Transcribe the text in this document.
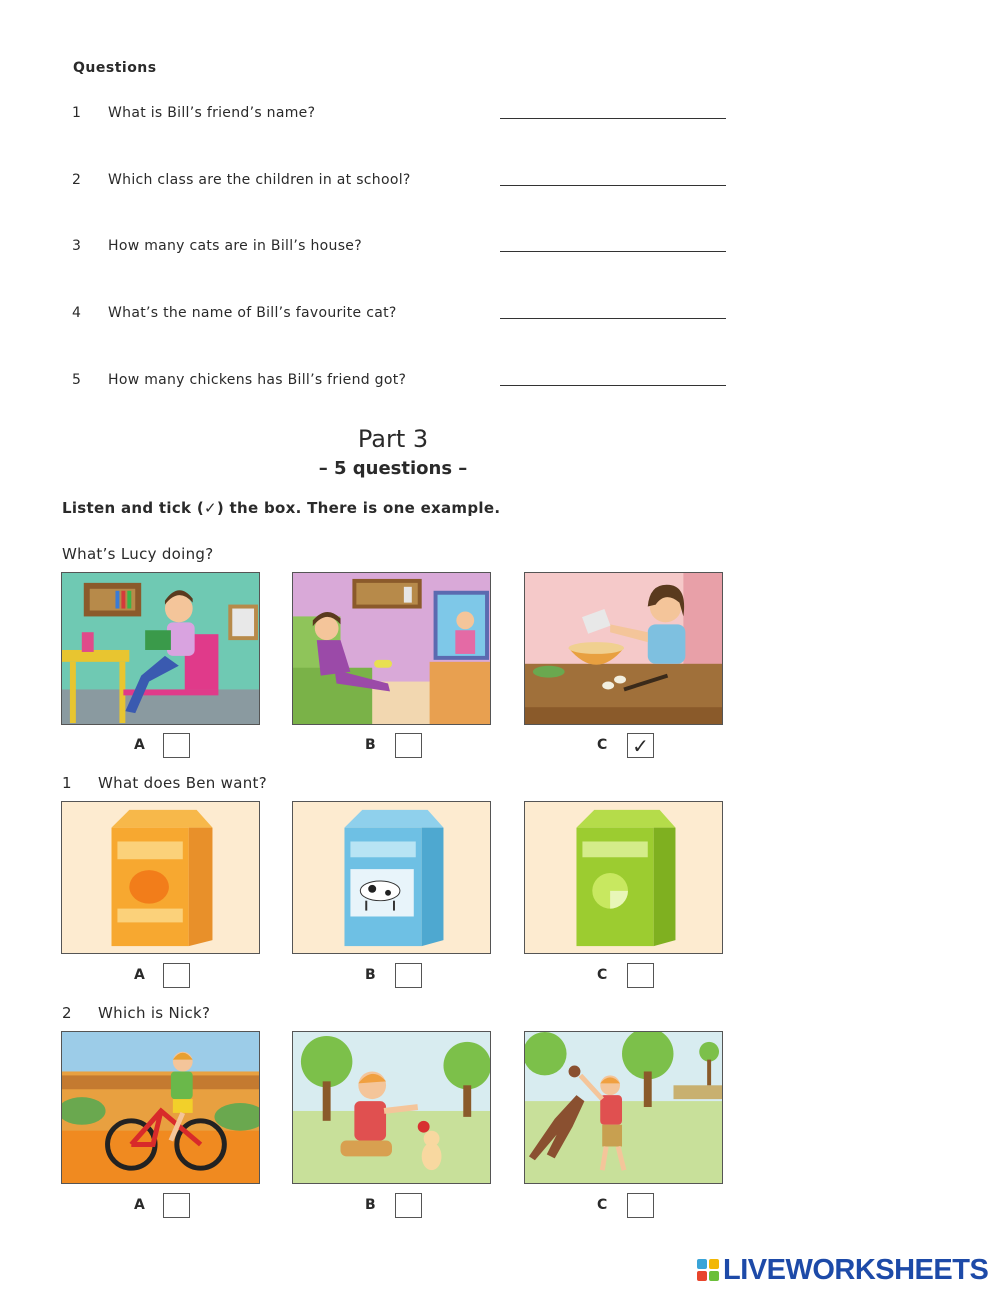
Questions
1 What is Bill’s friend’s name?
2 Which class are the children in at school?
3 How many cats are in Bill’s house?
4 What’s the name of Bill’s favourite cat?
5 How many chickens has Bill’s friend got?
Part 3
– 5 questions –
Listen and tick (✓) the box. There is one example.
What’s Lucy doing?
A	B	C ✓
1 What does Ben want?
A	B	C
2 Which is Nick?
A	B	C
LIVEWORKSHEETS
